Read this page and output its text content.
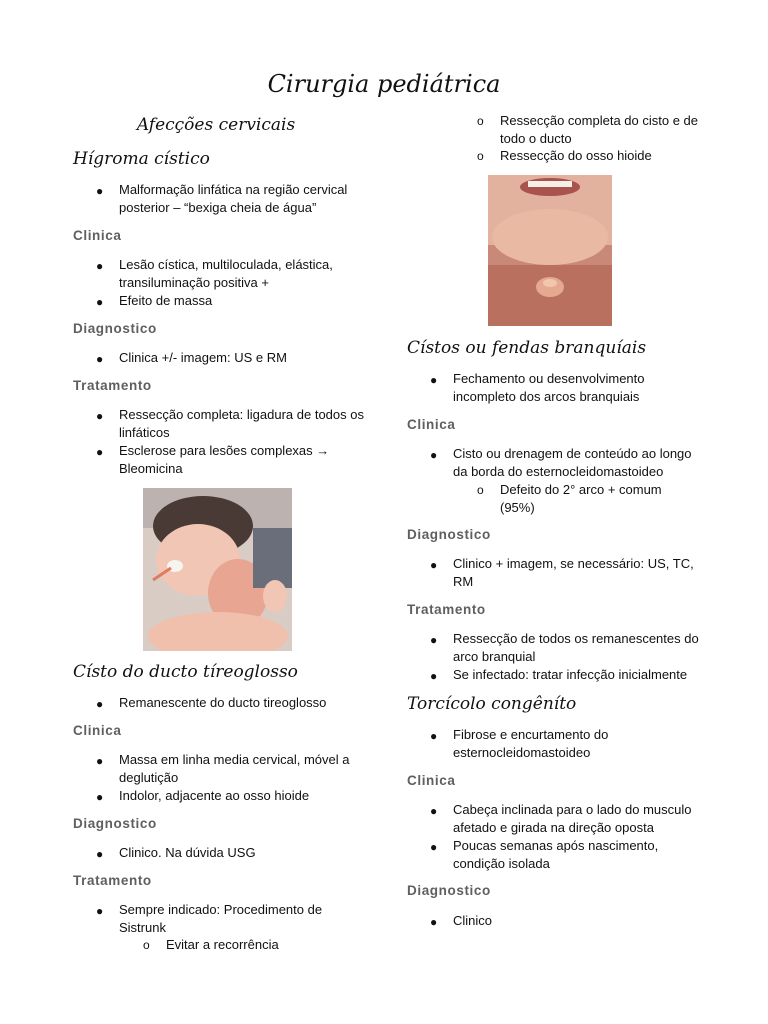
Cirurgia pediátrica
Afecções cervicais
Hígroma cístico
● Malformação linfática na região cervical
posterior – “bexiga cheia de água”
Clinica
● Lesão cística, multiloculada, elástica,
transiluminação positiva +
● Efeito de massa
Diagnostico
● Clinica +/- imagem: US e RM
Tratamento
● Ressecção completa: ligadura de todos os
linfáticos
● Esclerose para lesões complexas →
Bleomicina
Císto do ducto tíreoglosso
● Remanescente do ducto tireoglosso
Clinica
● Massa em linha media cervical, móvel a
deglutição
● Indolor, adjacente ao osso hioide
Diagnostico
● Clinico. Na dúvida USG
Tratamento
● Sempre indicado: Procedimento de
Sistrunk
o Evitar a recorrência
o Ressecção completa do cisto e de
todo o ducto
o Ressecção do osso hioide
Cístos ou fendas branquíais
● Fechamento ou desenvolvimento
incompleto dos arcos branquiais
Clinica
● Cisto ou drenagem de conteúdo ao longo
da borda do esternocleidomastoideo
o Defeito do 2° arco + comum
(95%)
Diagnostico
● Clinico + imagem, se necessário: US, TC,
RM
Tratamento
● Ressecção de todos os remanescentes do
arco branquial
● Se infectado: tratar infecção inicialmente
Torcícolo congêníto
● Fibrose e encurtamento do
esternocleidomastoideo
Clinica
● Cabeça inclinada para o lado do musculo
afetado e girada na direção oposta
● Poucas semanas após nascimento,
condição isolada
Diagnostico
● Clinico
